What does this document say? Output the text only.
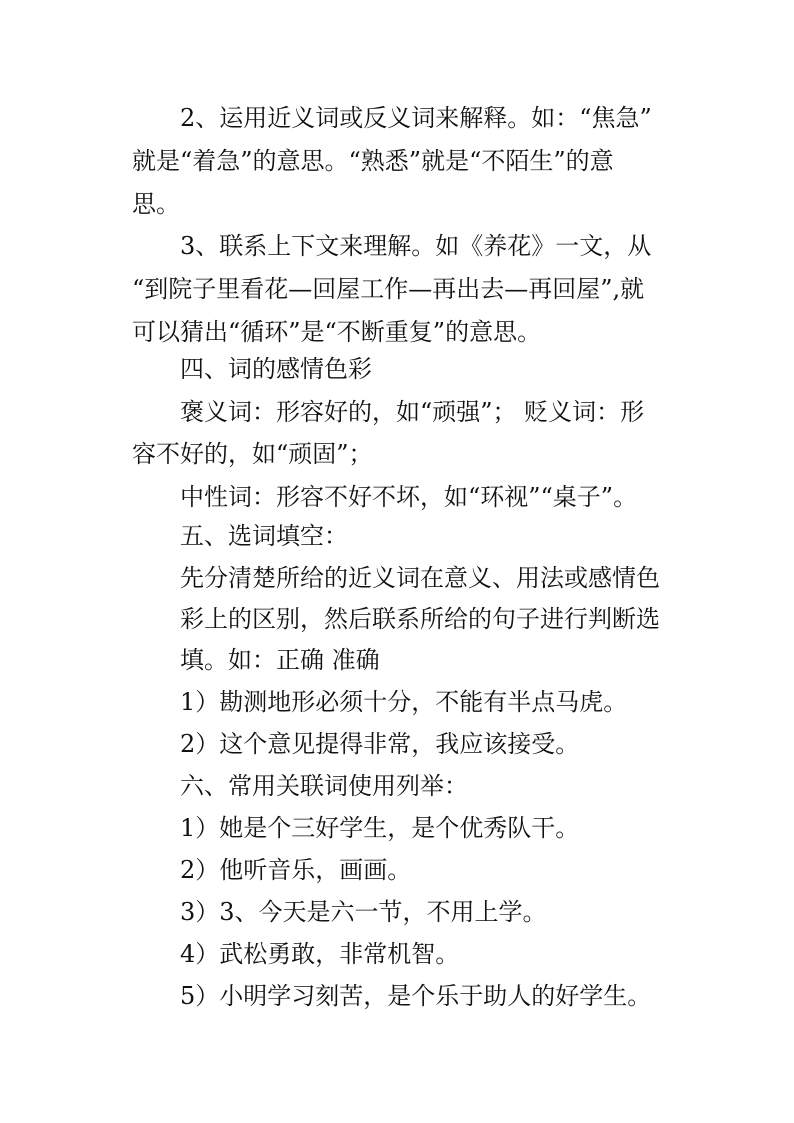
2、运用近义词或反义词来解释。如：“焦急”
就是“着急”的意思。“熟悉”就是“不陌生”的意
思。
3、联系上下文来理解。如《养花》一文，从
“到院子里看花—回屋工作—再出去—再回屋”,就
可以猜出“循环”是“不断重复”的意思。
四、词的感情色彩
褒义词：形容好的，如“顽强”； 贬义词：形
容不好的，如“顽固”；
中性词：形容不好不坏，如“环视”“桌子”。
五、选词填空：
先分清楚所给的近义词在意义、用法或感情色
彩上的区别，然后联系所给的句子进行判断选
填。如：正确 准确
1）勘测地形必须十分，不能有半点马虎。
2）这个意见提得非常，我应该接受。
六、常用关联词使用列举：
1）她是个三好学生，是个优秀队干。
2）他听音乐，画画。
3）3、今天是六一节，不用上学。
4）武松勇敢，非常机智。
5）小明学习刻苦，是个乐于助人的好学生。
